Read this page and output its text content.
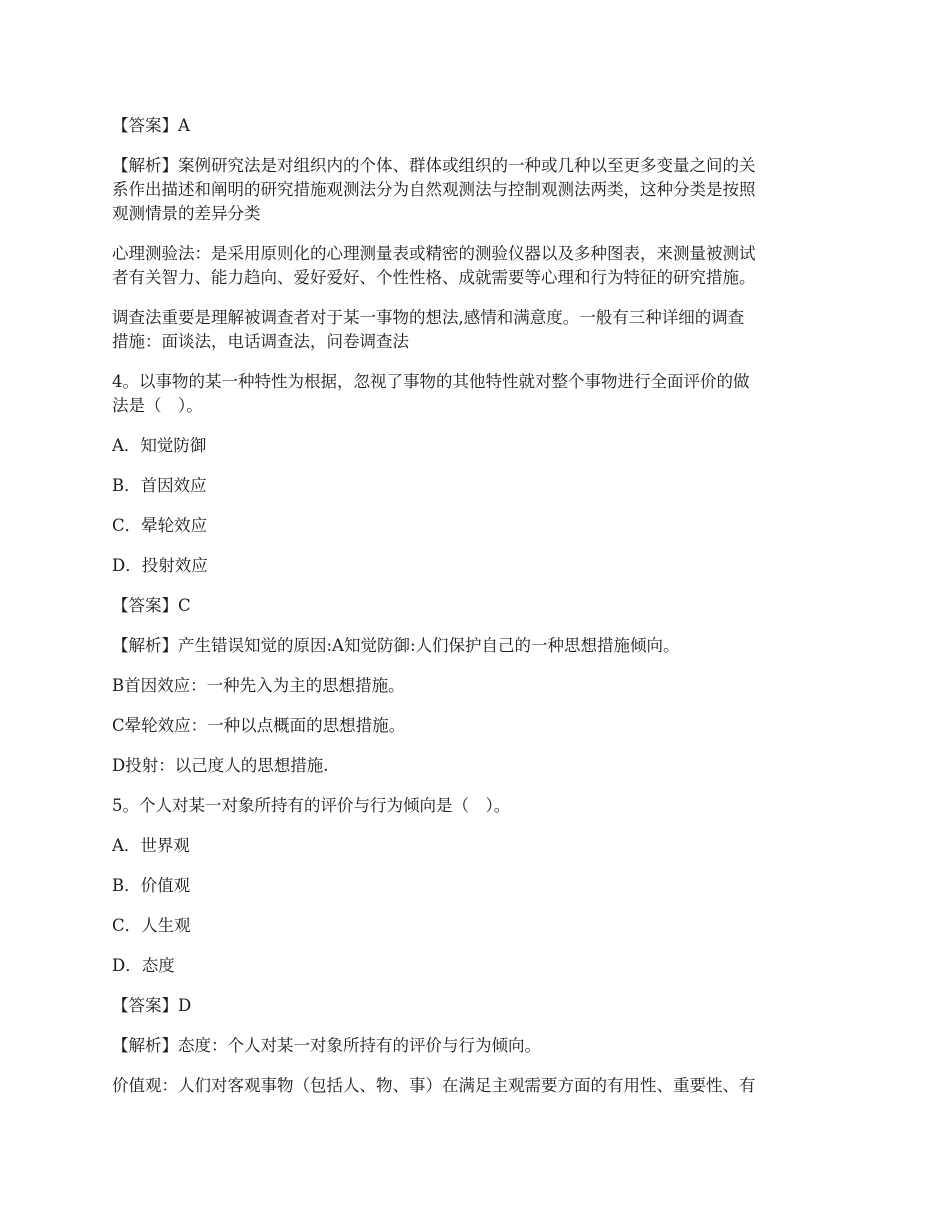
【答案】A

【解析】案例研究法是对组织内的个体、群体或组织的一种或几种以至更多变量之间的关
系作出描述和阐明的研究措施观测法分为自然观测法与控制观测法两类，这种分类是按照
观测情景的差异分类

心理测验法：是采用原则化的心理测量表或精密的测验仪器以及多种图表，来测量被测试
者有关智力、能力趋向、爱好爱好、个性性格、成就需要等心理和行为特征的研究措施。

调查法重要是理解被调查者对于某一事物的想法,感情和满意度。一般有三种详细的调查
措施：面谈法，电话调查法，问卷调查法

4。以事物的某一种特性为根据，忽视了事物的其他特性就对整个事物进行全面评价的做
法是（　）。

A．知觉防御

B．首因效应

C．晕轮效应

D．投射效应

【答案】C

【解析】产生错误知觉的原因:A知觉防御:人们保护自己的一种思想措施倾向。

B首因效应：一种先入为主的思想措施。

C晕轮效应：一种以点概面的思想措施。

D投射：以己度人的思想措施.

5。个人对某一对象所持有的评价与行为倾向是（　）。

A．世界观

B．价值观

C．人生观

D．态度

【答案】D

【解析】态度：个人对某一对象所持有的评价与行为倾向。

价值观：人们对客观事物（包括人、物、事）在满足主观需要方面的有用性、重要性、有
